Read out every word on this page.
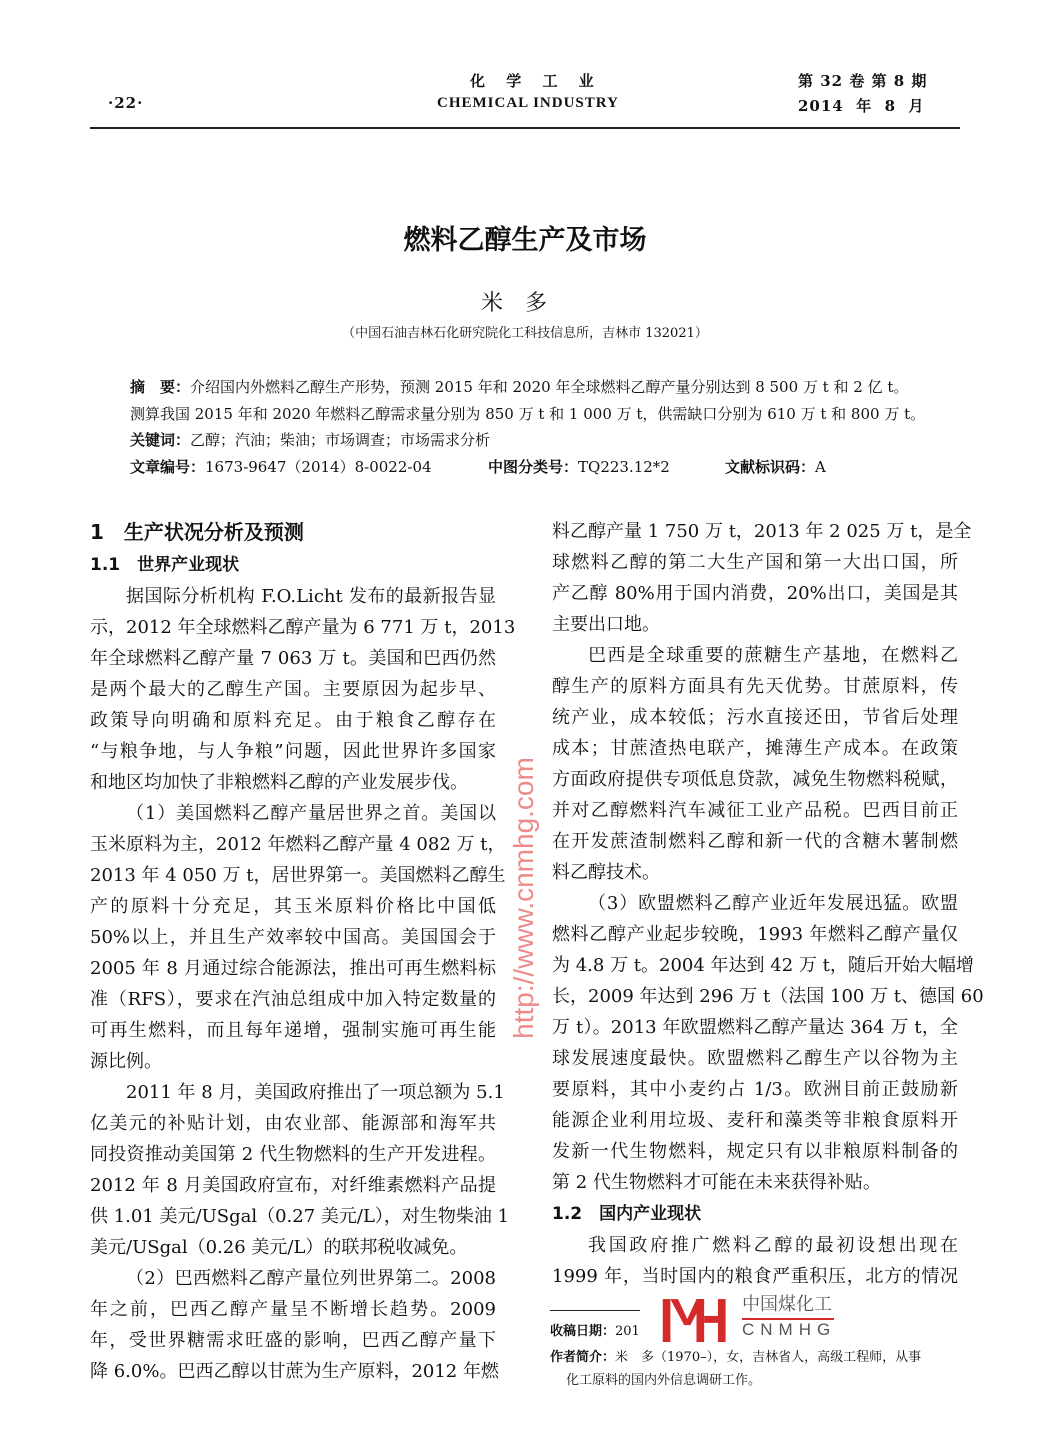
·22·
化 学 工 业
CHEMICAL INDUSTRY
第 32 卷 第 8 期
2014  年  8  月
燃料乙醇生产及市场
米多
（中国石油吉林石化研究院化工科技信息所，吉林市 132021）
摘　要：介绍国内外燃料乙醇生产形势，预测 2015 年和 2020 年全球燃料乙醇产量分别达到 8 500 万 t 和 2 亿 t。
测算我国 2015 年和 2020 年燃料乙醇需求量分别为 850 万 t 和 1 000 万 t，供需缺口分别为 610 万 t 和 800 万 t。
关键词：乙醇；汽油；柴油；市场调查；市场需求分析
文章编号：1673-9647（2014）8-0022-04	中图分类号：TQ223.12*2	文献标识码：A
1　生产状况分析及预测
1.1　世界产业现状
据国际分析机构 F.O.Licht 发布的最新报告显
示，2012 年全球燃料乙醇产量为 6 771 万 t，2013
年全球燃料乙醇产量 7 063 万 t。美国和巴西仍然
是两个最大的乙醇生产国。主要原因为起步早、
政策导向明确和原料充足。由于粮食乙醇存在
“与粮争地，与人争粮”问题，因此世界许多国家
和地区均加快了非粮燃料乙醇的产业发展步伐。
（1）美国燃料乙醇产量居世界之首。美国以
玉米原料为主，2012 年燃料乙醇产量 4 082 万 t，
2013 年 4 050 万 t，居世界第一。美国燃料乙醇生
产的原料十分充足，其玉米原料价格比中国低
50%以上，并且生产效率较中国高。美国国会于
2005 年 8 月通过综合能源法，推出可再生燃料标
准（RFS），要求在汽油总组成中加入特定数量的
可再生燃料，而且每年递增，强制实施可再生能
源比例。
2011 年 8 月，美国政府推出了一项总额为 5.1
亿美元的补贴计划，由农业部、能源部和海军共
同投资推动美国第 2 代生物燃料的生产开发进程。
2012 年 8 月美国政府宣布，对纤维素燃料产品提
供 1.01 美元/USgal（0.27 美元/L），对生物柴油 1
美元/USgal（0.26 美元/L）的联邦税收减免。
（2）巴西燃料乙醇产量位列世界第二。2008
年之前，巴西乙醇产量呈不断增长趋势。2009
年，受世界糖需求旺盛的影响，巴西乙醇产量下
降 6.0%。巴西乙醇以甘蔗为生产原料，2012 年燃
料乙醇产量 1 750 万 t，2013 年 2 025 万 t，是全
球燃料乙醇的第二大生产国和第一大出口国，所
产乙醇 80%用于国内消费，20%出口，美国是其
主要出口地。
巴西是全球重要的蔗糖生产基地，在燃料乙
醇生产的原料方面具有先天优势。甘蔗原料，传
统产业，成本较低；污水直接还田，节省后处理
成本；甘蔗渣热电联产，摊薄生产成本。在政策
方面政府提供专项低息贷款，减免生物燃料税赋，
并对乙醇燃料汽车减征工业产品税。巴西目前正
在开发蔗渣制燃料乙醇和新一代的含糖木薯制燃
料乙醇技术。
（3）欧盟燃料乙醇产业近年发展迅猛。欧盟
燃料乙醇产业起步较晚，1993 年燃料乙醇产量仅
为 4.8 万 t。2004 年达到 42 万 t，随后开始大幅增
长，2009 年达到 296 万 t（法国 100 万 t、德国 60
万 t）。2013 年欧盟燃料乙醇产量达 364 万 t，全
球发展速度最快。欧盟燃料乙醇生产以谷物为主
要原料，其中小麦约占 1/3。欧洲目前正鼓励新
能源企业利用垃圾、麦秆和藻类等非粮食原料开
发新一代生物燃料，规定只有以非粮原料制备的
第 2 代生物燃料才可能在未来获得补贴。
1.2　国内产业现状
我国政府推广燃料乙醇的最初设想出现在
1999 年，当时国内的粮食严重积压，北方的情况
收稿日期：201
作者简介：米　多（1970–），女，吉林省人，高级工程师，从事
化工原料的国内外信息调研工作。
http://www.cnmhg.com
中国煤化工
CNMHG
